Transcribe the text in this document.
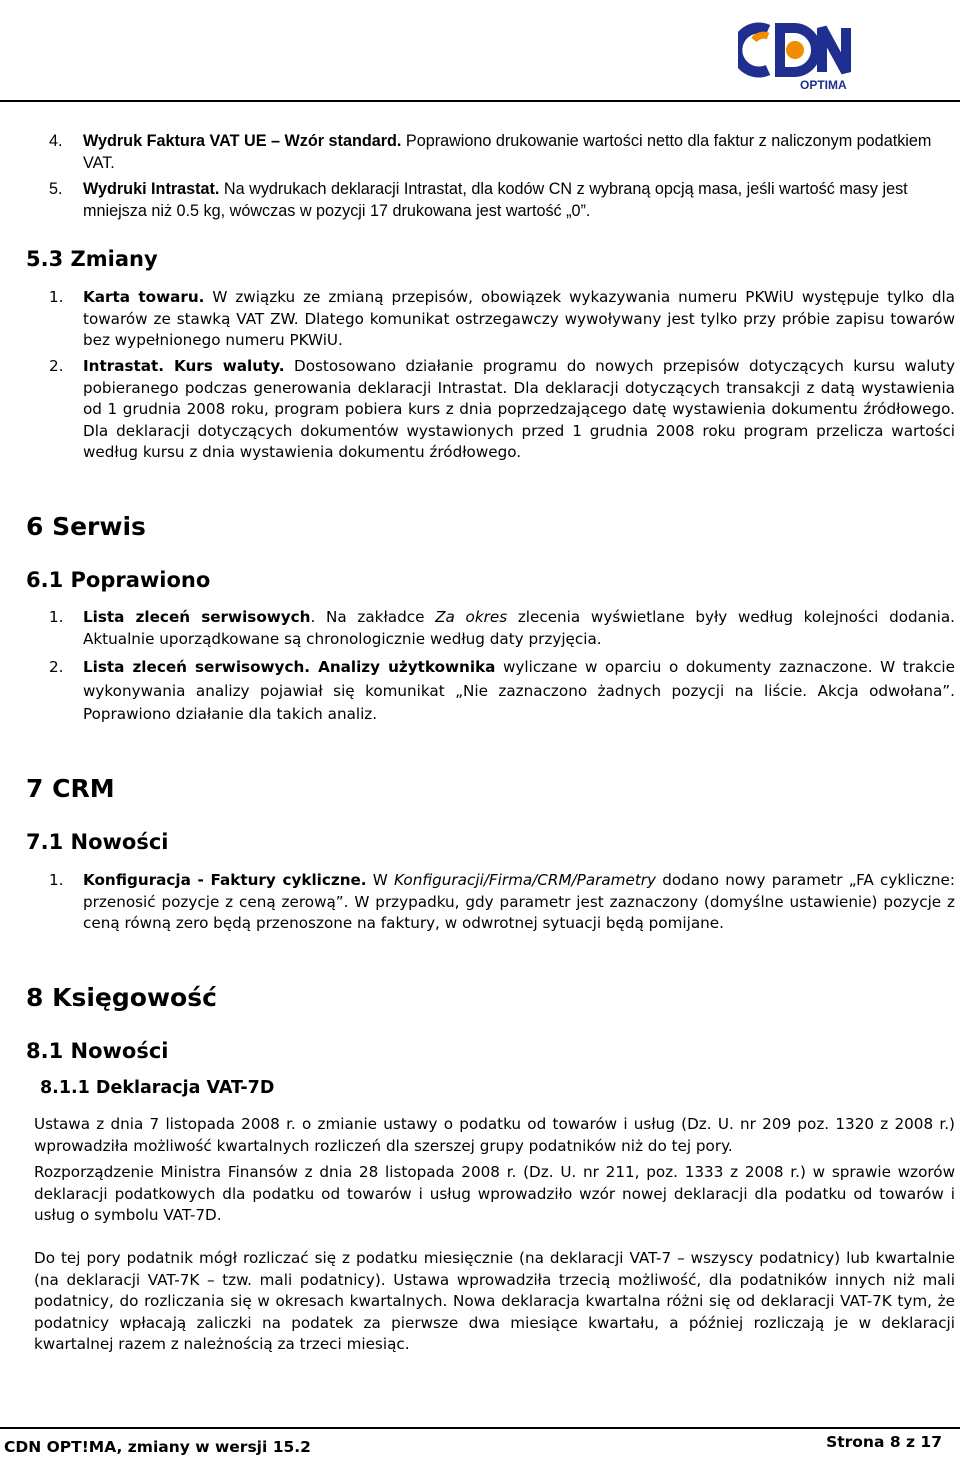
OPTIMA
4. Wydruk Faktura VAT UE – Wzór standard. Poprawiono drukowanie wartości netto dla faktur z naliczonym podatkiem VAT.
5. Wydruki Intrastat. Na wydrukach deklaracji Intrastat, dla kodów CN z wybraną opcją masa, jeśli wartość masy jest mniejsza niż 0.5 kg, wówczas w pozycji 17 drukowana jest wartość „0”.
5.3 Zmiany
1. Karta towaru. W związku ze zmianą przepisów, obowiązek wykazywania numeru PKWiU występuje tylko dla towarów ze stawką VAT ZW. Dlatego komunikat ostrzegawczy wywoływany jest tylko przy próbie zapisu towarów bez wypełnionego numeru PKWiU.
2. Intrastat. Kurs waluty. Dostosowano działanie programu do nowych przepisów dotyczących kursu waluty pobieranego podczas generowania deklaracji Intrastat. Dla deklaracji dotyczących transakcji z datą wystawienia od 1 grudnia 2008 roku, program pobiera kurs z dnia poprzedzającego datę wystawienia dokumentu źródłowego. Dla deklaracji dotyczących dokumentów wystawionych przed 1 grudnia 2008 roku program przelicza wartości według kursu z dnia wystawienia dokumentu źródłowego.
6 Serwis
6.1 Poprawiono
1. Lista zleceń serwisowych. Na zakładce Za okres zlecenia wyświetlane były według kolejności dodania. Aktualnie uporządkowane są chronologicznie według daty przyjęcia.
2. Lista zleceń serwisowych. Analizy użytkownika wyliczane w oparciu o dokumenty zaznaczone. W trakcie wykonywania analizy pojawiał się komunikat „Nie zaznaczono żadnych pozycji na liście. Akcja odwołana”. Poprawiono działanie dla takich analiz.
7 CRM
7.1 Nowości
1. Konfiguracja - Faktury cykliczne. W Konfiguracji/Firma/CRM/Parametry dodano nowy parametr „FA cykliczne: przenosić pozycje z ceną zerową”. W przypadku, gdy parametr jest zaznaczony (domyślne ustawienie) pozycje z ceną równą zero będą przenoszone na faktury, w odwrotnej sytuacji będą pomijane.
8 Księgowość
8.1 Nowości
8.1.1 Deklaracja VAT-7D
Ustawa z dnia 7 listopada 2008 r. o zmianie ustawy o podatku od towarów i usług (Dz. U. nr 209 poz. 1320 z 2008 r.) wprowadziła możliwość kwartalnych rozliczeń dla szerszej grupy podatników niż do tej pory.
Rozporządzenie Ministra Finansów z dnia 28 listopada 2008 r. (Dz. U. nr 211, poz. 1333 z 2008 r.) w sprawie wzorów deklaracji podatkowych dla podatku od towarów i usług wprowadziło wzór nowej deklaracji dla podatku od towarów i usług o symbolu VAT-7D.
Do tej pory podatnik mógł rozliczać się z podatku miesięcznie (na deklaracji VAT-7 – wszyscy podatnicy) lub kwartalnie (na deklaracji VAT-7K – tzw. mali podatnicy). Ustawa wprowadziła trzecią możliwość, dla podatników innych niż mali podatnicy, do rozliczania się w okresach kwartalnych. Nowa deklaracja kwartalna różni się od deklaracji VAT-7K tym, że podatnicy wpłacają zaliczki na podatek za pierwsze dwa miesiące kwartału, a później rozliczają je w deklaracji kwartalnej razem z należnością za trzeci miesiąc.
CDN OPT!MA, zmiany w wersji 15.2	Strona 8 z 17
